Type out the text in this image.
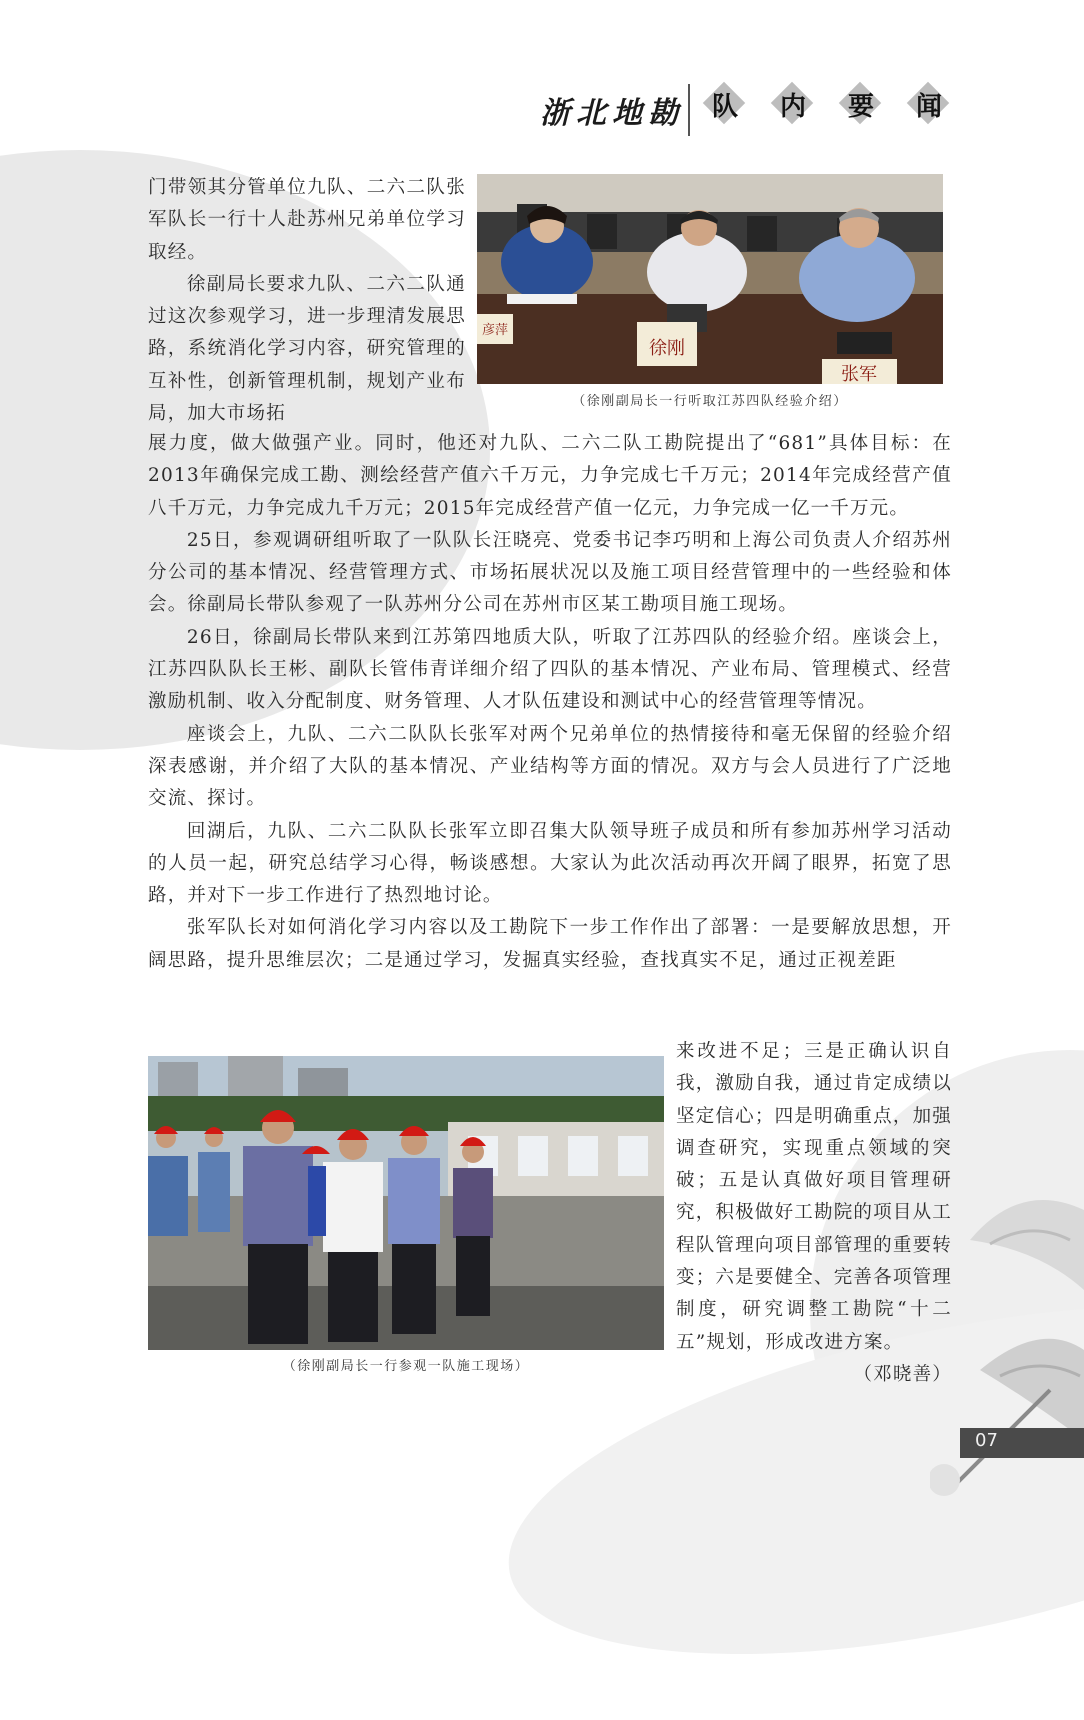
浙北地勘 队 内 要 闻

门带领其分管单位九队、二六二队张军队长一行十人赴苏州兄弟单位学习取经。

徐副局长要求九队、二六二队通过这次参观学习，进一步理清发展思路，系统消化学习内容，研究管理的互补性，创新管理机制，规划产业布局，加大市场拓

徐刚
张军
彦萍
（徐刚副局长一行听取江苏四队经验介绍）

展力度，做大做强产业。同时，他还对九队、二六二队工勘院提出了“681”具体目标：在2013年确保完成工勘、测绘经营产值六千万元，力争完成七千万元；2014年完成经营产值八千万元，力争完成九千万元；2015年完成经营产值一亿元，力争完成一亿一千万元。

25日，参观调研组听取了一队队长汪晓亮、党委书记李巧明和上海公司负责人介绍苏州分公司的基本情况、经营管理方式、市场拓展状况以及施工项目经营管理中的一些经验和体会。徐副局长带队参观了一队苏州分公司在苏州市区某工勘项目施工现场。

26日，徐副局长带队来到江苏第四地质大队，听取了江苏四队的经验介绍。座谈会上，江苏四队队长王彬、副队长管伟青详细介绍了四队的基本情况、产业布局、管理模式、经营激励机制、收入分配制度、财务管理、人才队伍建设和测试中心的经营管理等情况。

座谈会上，九队、二六二队队长张军对两个兄弟单位的热情接待和毫无保留的经验介绍深表感谢，并介绍了大队的基本情况、产业结构等方面的情况。双方与会人员进行了广泛地交流、探讨。

回湖后，九队、二六二队队长张军立即召集大队领导班子成员和所有参加苏州学习活动的人员一起，研究总结学习心得，畅谈感想。大家认为此次活动再次开阔了眼界，拓宽了思路，并对下一步工作进行了热烈地讨论。

张军队长对如何消化学习内容以及工勘院下一步工作作出了部署：一是要解放思想，开阔思路，提升思维层次；二是通过学习，发掘真实经验，查找真实不足，通过正视差距

（徐刚副局长一行参观一队施工现场）

来改进不足；三是正确认识自我，激励自我，通过肯定成绩以坚定信心；四是明确重点，加强调查研究，实现重点领域的突破；五是认真做好项目管理研究，积极做好工勘院的项目从工程队管理向项目部管理的重要转变；六是要健全、完善各项管理制度，研究调整工勘院“十二五”规划，形成改进方案。
（邓晓善）

07
